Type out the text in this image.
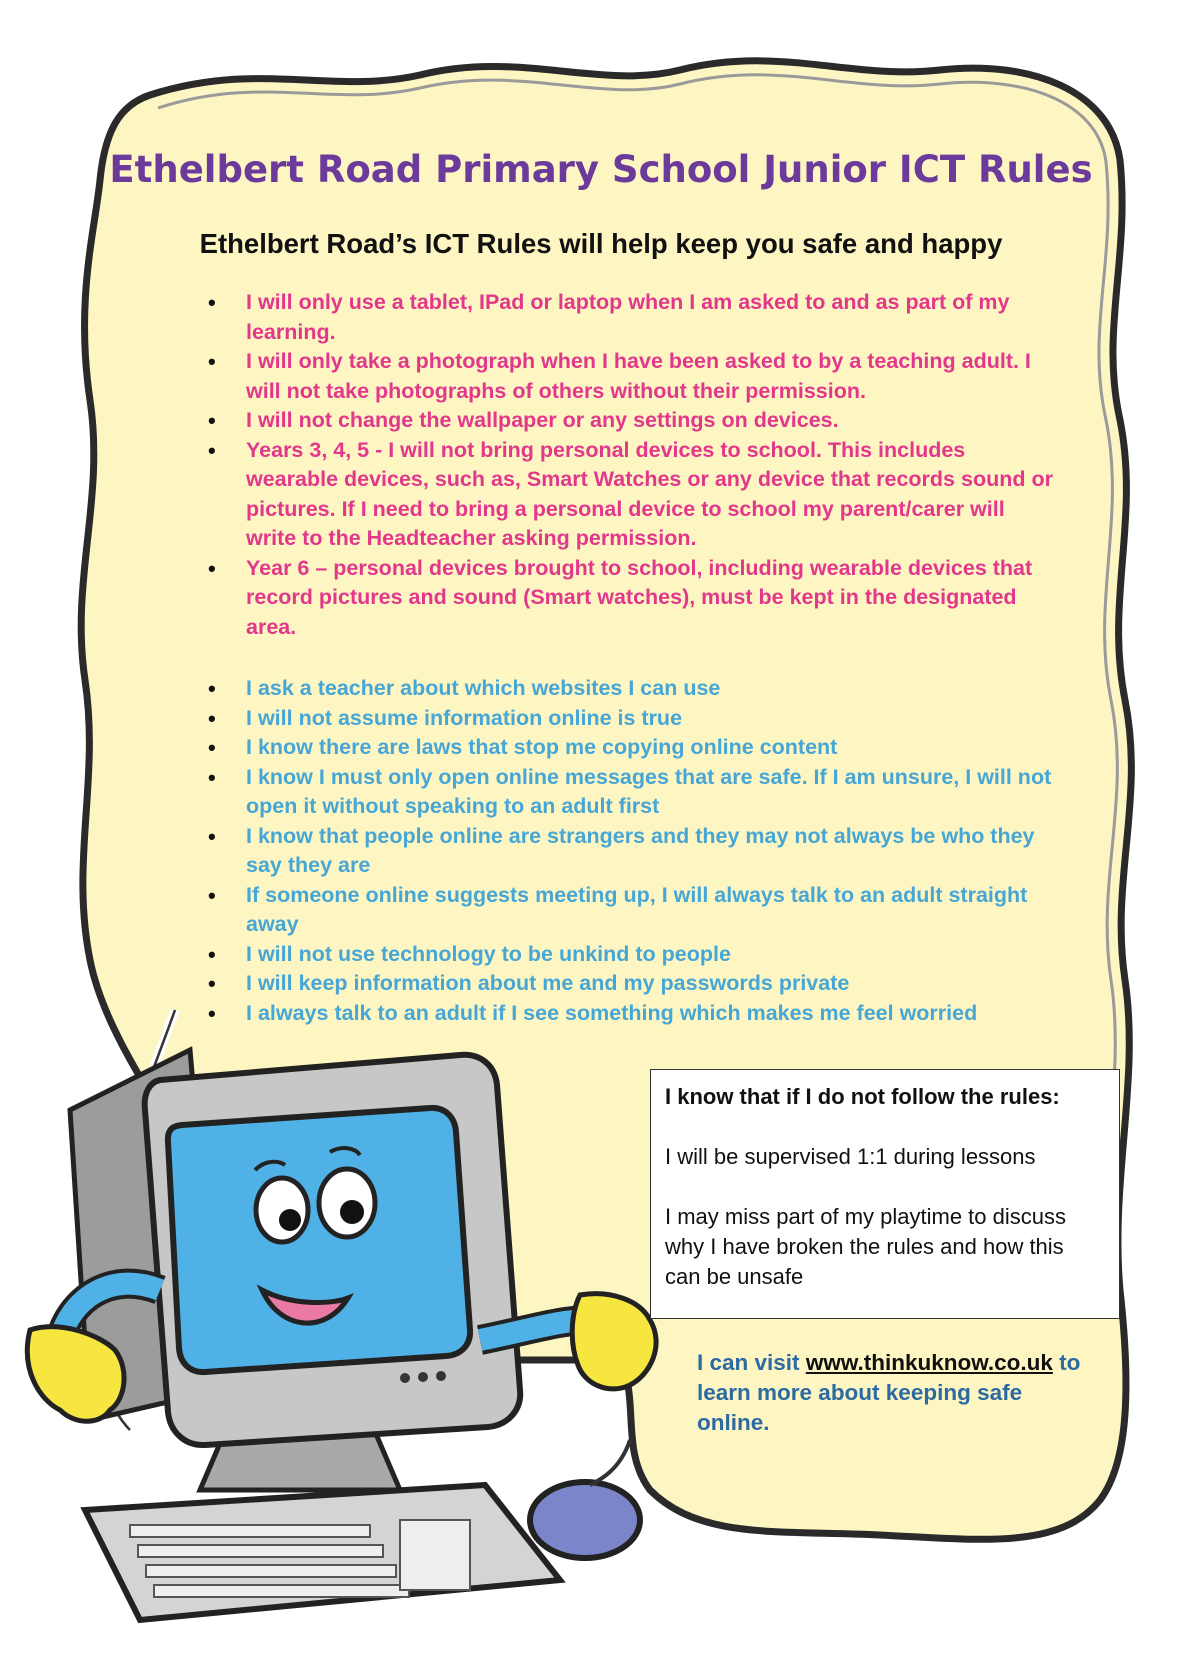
Ethelbert Road Primary School Junior ICT Rules
Ethelbert Road’s ICT Rules will help keep you safe and happy
• I will only use a tablet, IPad or laptop when I am asked to and as part of my learning.
• I will only take a photograph when I have been asked to by a teaching adult. I will not take photographs of others without their permission.
• I will not change the wallpaper or any settings on devices.
• Years 3, 4, 5 - I will not bring personal devices to school. This includes wearable devices, such as, Smart Watches or any device that records sound or pictures. If I need to bring a personal device to school my parent/carer will write to the Headteacher asking permission.
• Year 6 – personal devices brought to school, including wearable devices that record pictures and sound (Smart watches), must be kept in the designated area.
• I ask a teacher about which websites I can use
• I will not assume information online is true
• I know there are laws that stop me copying online content
• I know I must only open online messages that are safe. If I am unsure, I will not open it without speaking to an adult first
• I know that people online are strangers and they may not always be who they say they are
• If someone online suggests meeting up, I will always talk to an adult straight away
• I will not use technology to be unkind to people
• I will keep information about me and my passwords private
• I always talk to an adult if I see something which makes me feel worried

I know that if I do not follow the rules:

I will be supervised 1:1 during lessons

I may miss part of my playtime to discuss why I have broken the rules and how this can be unsafe

I can visit www.thinkuknow.co.uk to learn more about keeping safe online.
